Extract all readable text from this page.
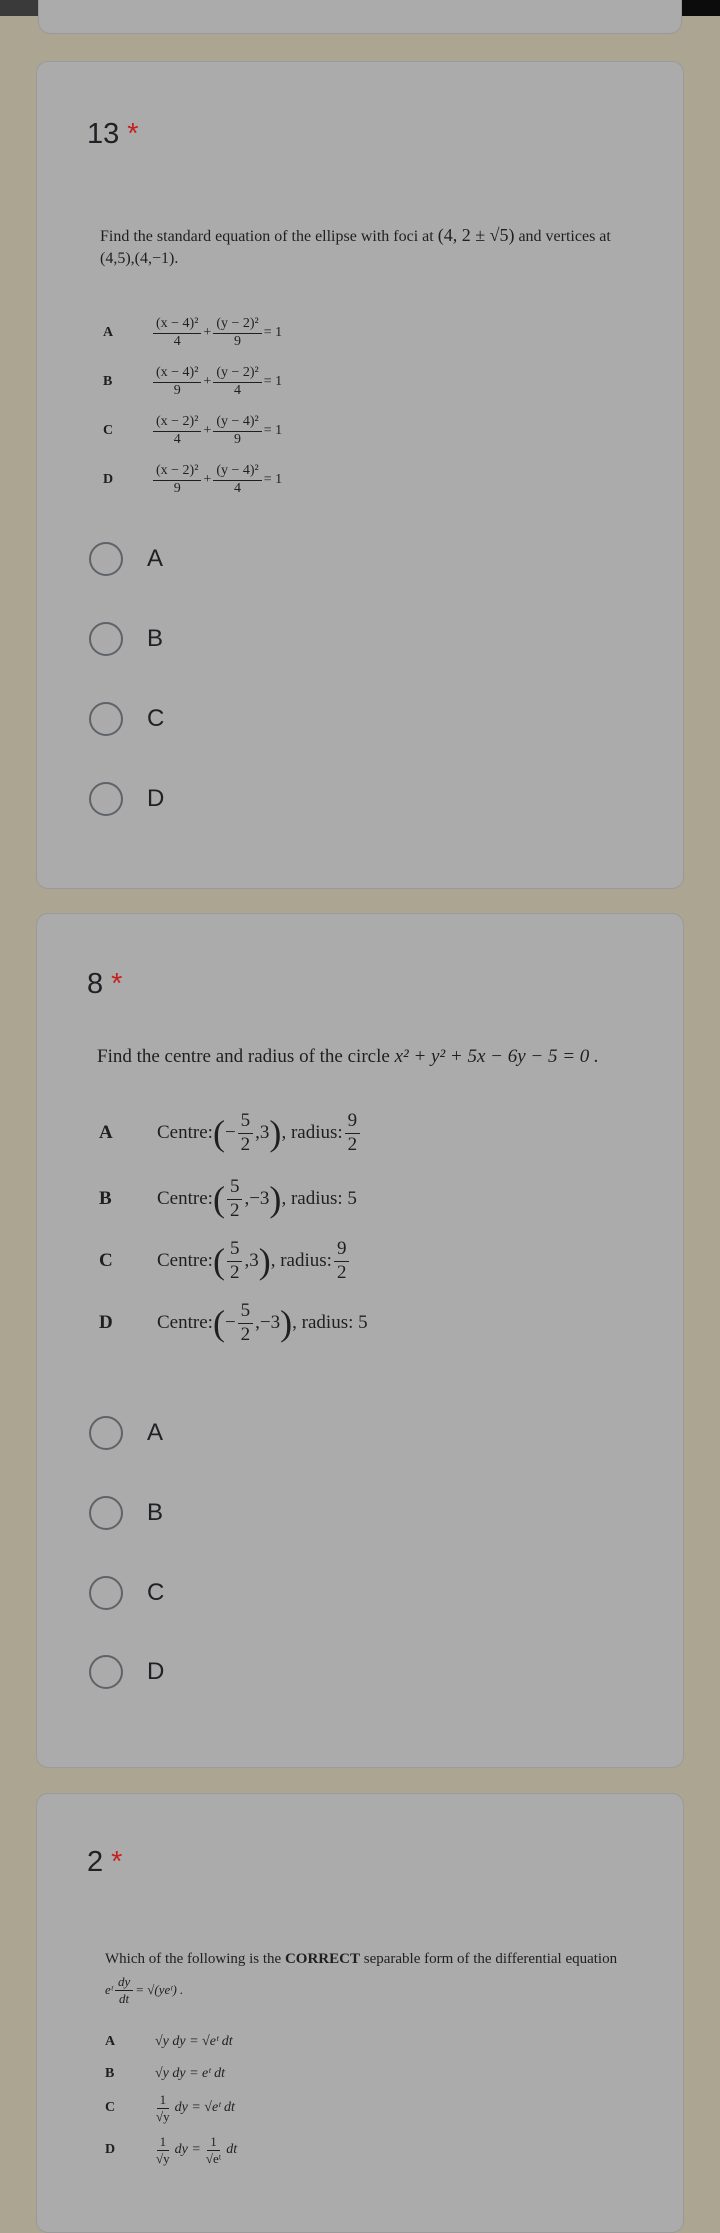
13 *
Find the standard equation of the ellipse with foci at (4, 2 ± √5) and vertices at
(4,5),(4,−1).
A	$\frac{\text{(x − 4)²}}{4} + \frac{\text{(y − 2)²}}{9} = 1$
B	$\frac{\text{(x − 4)²}}{9} + \frac{\text{(y − 2)²}}{4} = 1$
C	$\frac{\text{(x − 2)²}}{4} + \frac{\text{(y − 4)²}}{9} = 1$
D	$\frac{\text{(x − 2)²}}{9} + \frac{\text{(y − 4)²}}{4} = 1$
A
B
C
D
8 *
Find the centre and radius of the circle x² + y² + 5x − 6y − 5 = 0 .
A	Centre: ( − $\frac{5}{2} ,3$ ) , radius: $\frac{9}{2}$
B	Centre: ( $\frac{5}{2} ,-3$ ) , radius:
5
C	Centre: ( $\frac{5}{2} ,3$ ) , radius: $\frac{9}{2}$
D	Centre: ( − $\frac{5}{2} ,-3$ ) , radius:
5
A
B
C
D
2 *
Which of the following is the CORRECT separable form of the differential equation
eᵗ $\frac{dy}{dt}$ = √(yeᵗ) .
A	√y dy = √eᵗ dt
B	√y dy = eᵗ dt
C	$\frac{1}{√y}$ dy = √eᵗ dt
D	$\frac{1}{√y}$ dy = $\frac{1}{\text{√eᵗ}}$ dt
